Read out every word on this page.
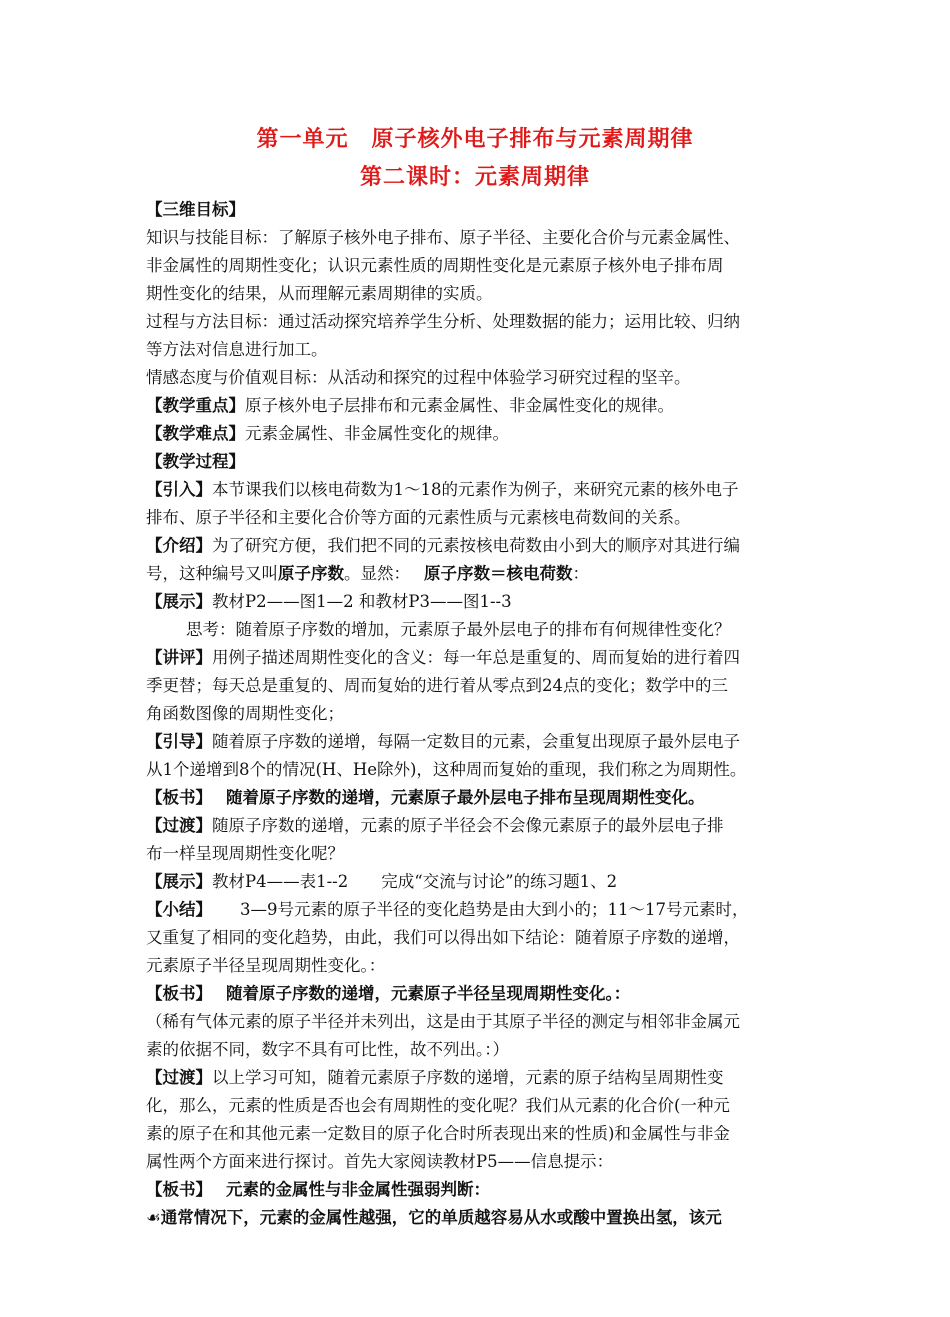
第一单元　原子核外电子排布与元素周期律
第二课时：元素周期律
【三维目标】
知识与技能目标：了解原子核外电子排布、原子半径、主要化合价与元素金属性、
非金属性的周期性变化；认识元素性质的周期性变化是元素原子核外电子排布周
期性变化的结果，从而理解元素周期律的实质。
过程与方法目标：通过活动探究培养学生分析、处理数据的能力；运用比较、归纳
等方法对信息进行加工。
情感态度与价值观目标：从活动和探究的过程中体验学习研究过程的坚辛。
【教学重点】原子核外电子层排布和元素金属性、非金属性变化的规律。
【教学难点】元素金属性、非金属性变化的规律。
【教学过程】
【引入】本节课我们以核电荷数为1～18的元素作为例子，来研究元素的核外电子
排布、原子半径和主要化合价等方面的元素性质与元素核电荷数间的关系。
【介绍】为了研究方便，我们把不同的元素按核电荷数由小到大的顺序对其进行编
号，这种编号又叫原子序数。显然： 原子序数＝核电荷数：
【展示】教材P2——图1—2 和教材P3——图1--3
思考：随着原子序数的增加，元素原子最外层电子的排布有何规律性变化？
【讲评】用例子描述周期性变化的含义：每一年总是重复的、周而复始的进行着四
季更替；每天总是重复的、周而复始的进行着从零点到24点的变化；数学中的三
角函数图像的周期性变化；
【引导】随着原子序数的递增，每隔一定数目的元素，会重复出现原子最外层电子
从1个递增到8个的情况(H、He除外)，这种周而复始的重现，我们称之为周期性。
【板书】 随着原子序数的递增，元素原子最外层电子排布呈现周期性变化。
【过渡】随原子序数的递增，元素的原子半径会不会像元素原子的最外层电子排
布一样呈现周期性变化呢？
【展示】教材P4——表1--2　　完成“交流与讨论”的练习题1、2
【小结】 3—9号元素的原子半径的变化趋势是由大到小的；11～17号元素时，
又重复了相同的变化趋势，由此，我们可以得出如下结论：随着原子序数的递增，
元素原子半径呈现周期性变化。：
【板书】 随着原子序数的递增，元素原子半径呈现周期性变化。：
（稀有气体元素的原子半径并未列出，这是由于其原子半径的测定与相邻非金属元
素的依据不同，数字不具有可比性，故不列出。：）
【过渡】以上学习可知，随着元素原子序数的递增，元素的原子结构呈周期性变
化，那么，元素的性质是否也会有周期性的变化呢？我们从元素的化合价(一种元
素的原子在和其他元素一定数目的原子化合时所表现出来的性质)和金属性与非金
属性两个方面来进行探讨。首先大家阅读教材P5——信息提示：
【板书】 元素的金属性与非金属性强弱判断：
☙通常情况下，元素的金属性越强，它的单质越容易从水或酸中置换出氢，该元
